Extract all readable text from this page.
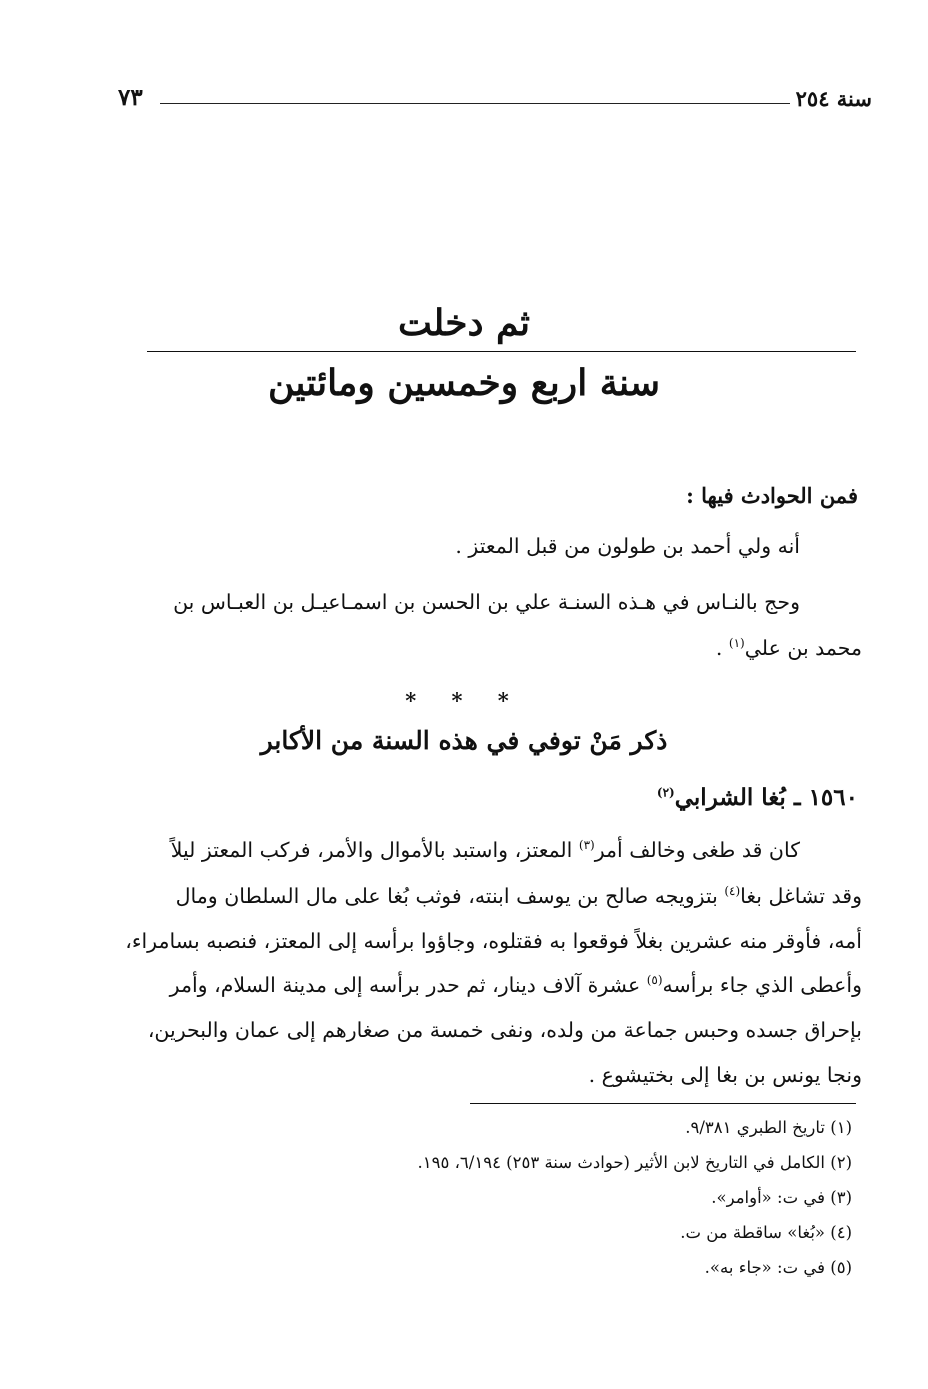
سنة ٢٥٤
٧٣
ثم دخلت
سنة اربع وخمسين ومائتين
فمن الحوادث فيها :
أنه ولي أحمد بن طولون من قبل المعتز .
وحج بالنـاس في هـذه السنـة علي بن الحسن بن اسمـاعيـل بن العبـاس بن
محمد بن علي$^{(١)}$ .
* * *
ذكر مَنْ توفي في هذه السنة من الأكابر
١٥٦٠ ـ بُغا الشرابي$^{(٢)}$
كان قد طغى وخالف أمر$^{(٣)}$ المعتز، واستبد بالأموال والأمر، فركب المعتز ليلاً
وقد تشاغل بغا$^{(٤)}$ بتزويجه صالح بن يوسف ابنته، فوثب بُغا على مال السلطان ومال
أمه، فأوقر منه عشرين بغلاً فوقعوا به فقتلوه، وجاؤوا برأسه إلى المعتز، فنصبه بسامراء،
وأعطى الذي جاء برأسه$^{(٥)}$ عشرة آلاف دينار، ثم حدر برأسه إلى مدينة السلام، وأمر
بإحراق جسده وحبس جماعة من ولده، ونفى خمسة من صغارهم إلى عمان والبحرين،
ونجا يونس بن بغا إلى بختيشوع .
(١) تاريخ الطبري ٩/٣٨١.
(٢) الكامل في التاريخ لابن الأثير (حوادث سنة ٢٥٣) ٦/١٩٤، ١٩٥.
(٣) في ت: «أوامر».
(٤) «بُغا» ساقطة من ت.
(٥) في ت: «جاء به».
